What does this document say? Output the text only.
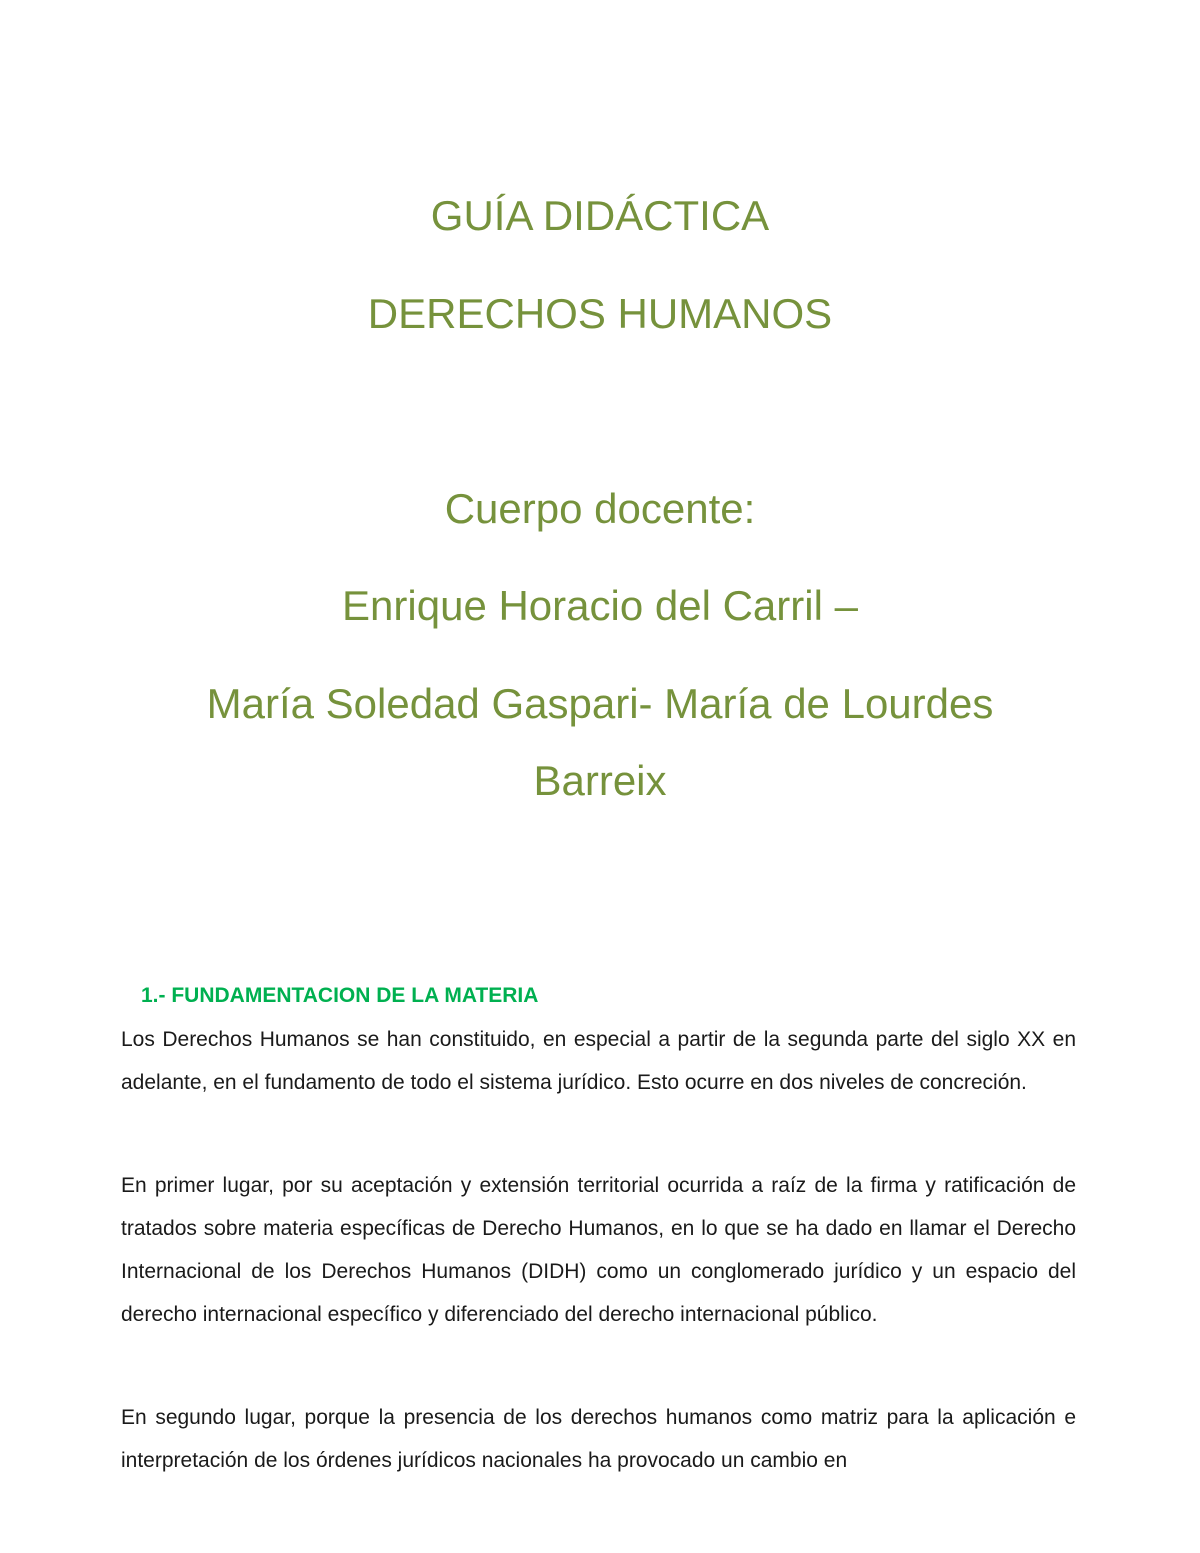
GUÍA DIDÁCTICA
DERECHOS HUMANOS

Cuerpo docente:

Enrique Horacio del Carril –

María Soledad Gaspari- María de Lourdes

Barreix

1.- FUNDAMENTACION DE LA MATERIA

Los Derechos Humanos se han constituido, en especial a partir de la segunda parte del siglo XX en adelante, en el fundamento de todo el sistema jurídico. Esto ocurre en dos niveles de concreción.

En primer lugar, por su aceptación y extensión territorial ocurrida a raíz de la firma y ratificación de tratados sobre materia específicas de Derecho Humanos, en lo que se ha dado en llamar el Derecho Internacional de los Derechos Humanos (DIDH) como un conglomerado jurídico y un espacio del derecho internacional específico y diferenciado del derecho internacional público.

En segundo lugar, porque la presencia de los derechos humanos como matriz para la aplicación e interpretación de los órdenes jurídicos nacionales ha provocado un cambio en
